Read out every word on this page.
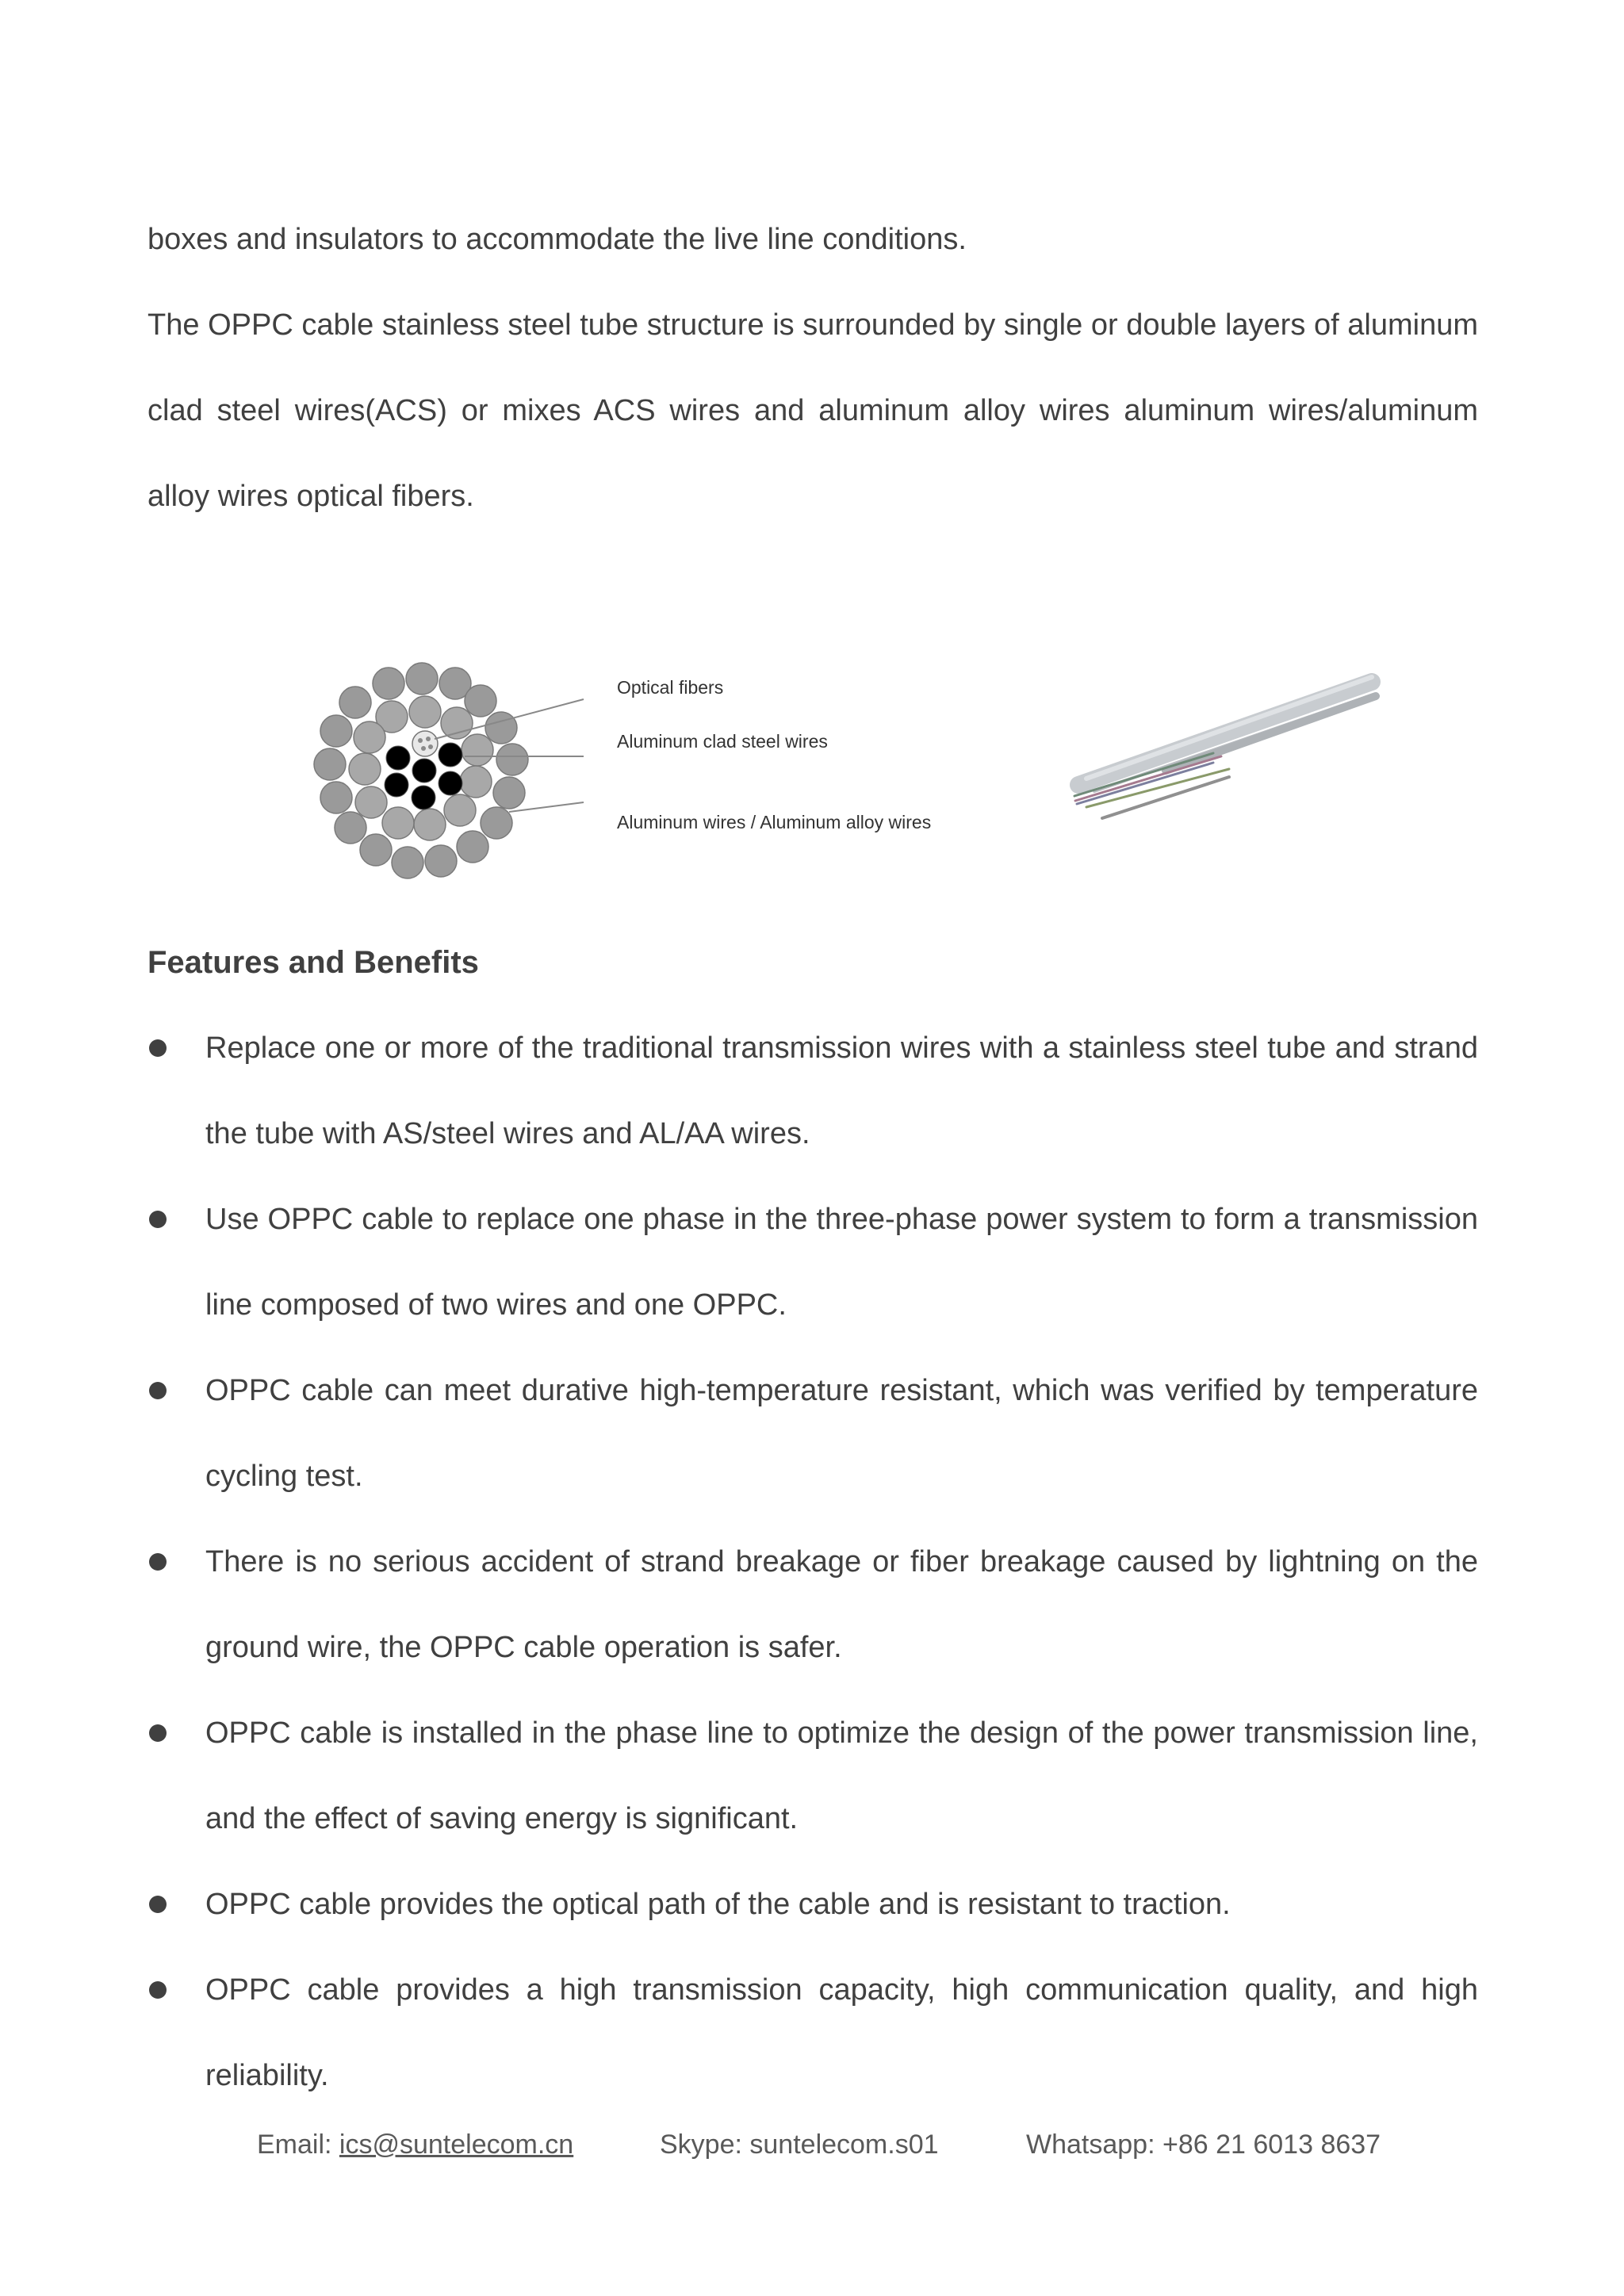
boxes and insulators to accommodate the live line conditions.

The OPPC cable stainless steel tube structure is surrounded by single or double layers of aluminum clad steel wires(ACS) or mixes ACS wires and aluminum alloy wires aluminum wires/aluminum alloy wires optical fibers.

Optical fibers
Aluminum clad steel wires
Aluminum wires / Aluminum alloy wires
Features and Benefits
Replace one or more of the traditional transmission wires with a stainless steel tube and strand the tube with AS/steel wires and AL/AA wires.
Use OPPC cable to replace one phase in the three-phase power system to form a transmission line composed of two wires and one OPPC.
OPPC cable can meet durative high-temperature resistant, which was verified by temperature cycling test.
There is no serious accident of strand breakage or fiber breakage caused by lightning on the ground wire, the OPPC cable operation is safer.
OPPC cable is installed in the phase line to optimize the design of the power transmission line, and the effect of saving energy is significant.
OPPC cable provides the optical path of the cable and is resistant to traction.
OPPC cable provides a high transmission capacity, high communication quality, and high reliability.
Email: ics@suntelecom.cn	Skype: suntelecom.s01	Whatsapp: +86 21 6013 8637
